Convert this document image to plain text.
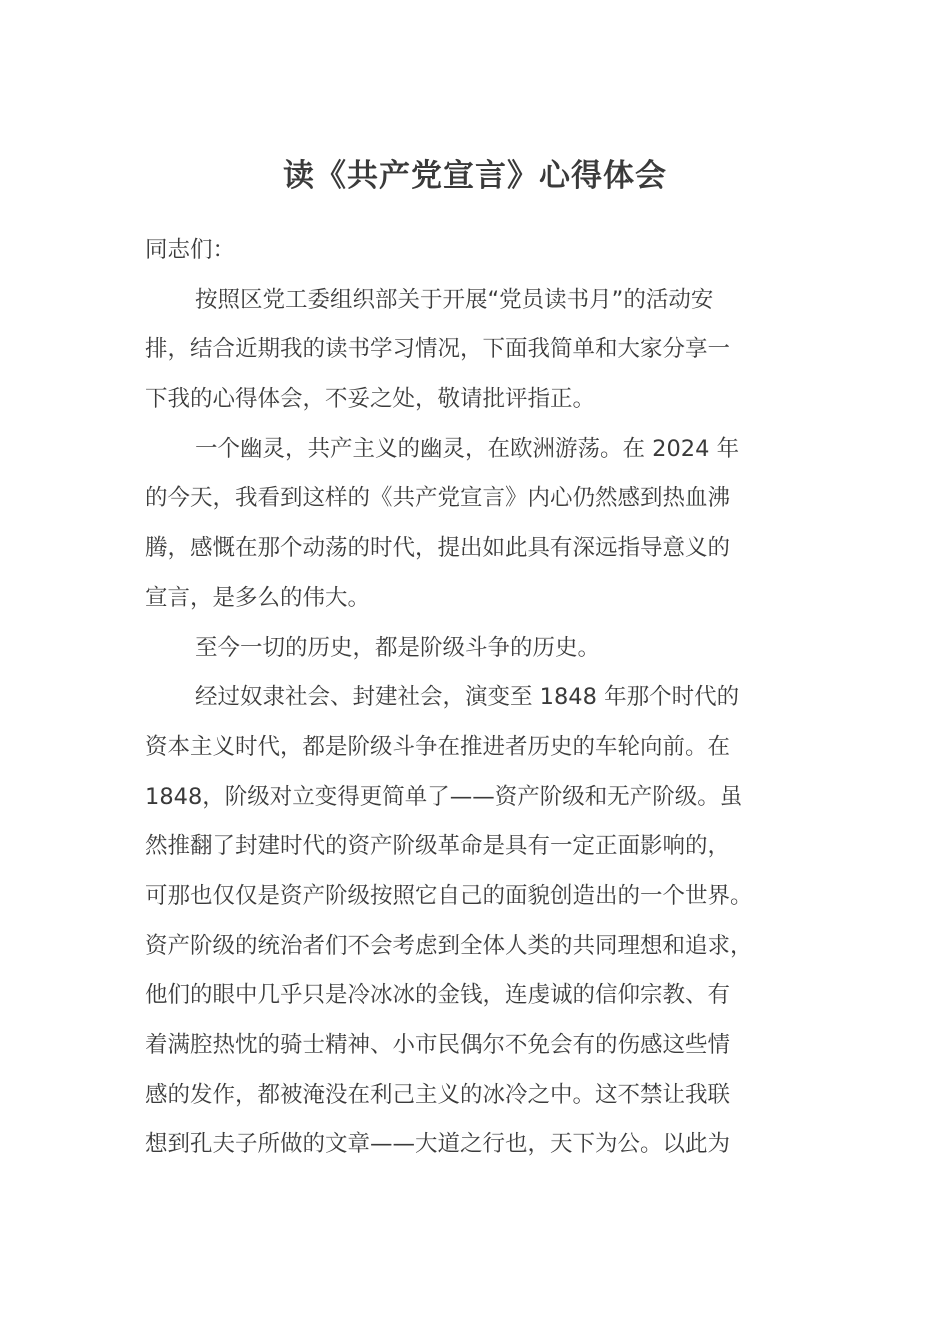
读《共产党宣言》心得体会
同志们：
按照区党工委组织部关于开展“党员读书月”的活动安
排，结合近期我的读书学习情况，下面我简单和大家分享一
下我的心得体会，不妥之处，敬请批评指正。
一个幽灵，共产主义的幽灵，在欧洲游荡。在 2024 年
的今天，我看到这样的《共产党宣言》内心仍然感到热血沸
腾，感慨在那个动荡的时代，提出如此具有深远指导意义的
宣言，是多么的伟大。
至今一切的历史，都是阶级斗争的历史。
经过奴隶社会、封建社会，演变至 1848 年那个时代的
资本主义时代，都是阶级斗争在推进者历史的车轮向前。在
1848，阶级对立变得更简单了——资产阶级和无产阶级。虽
然推翻了封建时代的资产阶级革命是具有一定正面影响的，
可那也仅仅是资产阶级按照它自己的面貌创造出的一个世界。
资产阶级的统治者们不会考虑到全体人类的共同理想和追求，
他们的眼中几乎只是冷冰冰的金钱，连虔诚的信仰宗教、有
着满腔热忱的骑士精神、小市民偶尔不免会有的伤感这些情
感的发作，都被淹没在利己主义的冰冷之中。这不禁让我联
想到孔夫子所做的文章——大道之行也，天下为公。以此为
